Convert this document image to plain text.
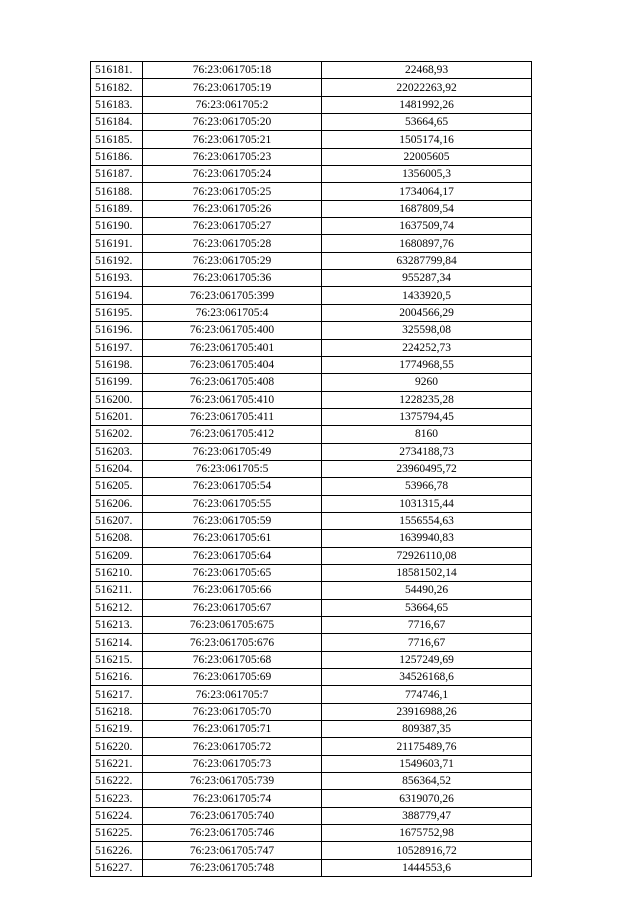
516181.	76:23:061705:18	22468,93
516182.	76:23:061705:19	22022263,92
516183.	76:23:061705:2	1481992,26
516184.	76:23:061705:20	53664,65
516185.	76:23:061705:21	1505174,16
516186.	76:23:061705:23	22005605
516187.	76:23:061705:24	1356005,3
516188.	76:23:061705:25	1734064,17
516189.	76:23:061705:26	1687809,54
516190.	76:23:061705:27	1637509,74
516191.	76:23:061705:28	1680897,76
516192.	76:23:061705:29	63287799,84
516193.	76:23:061705:36	955287,34
516194.	76:23:061705:399	1433920,5
516195.	76:23:061705:4	2004566,29
516196.	76:23:061705:400	325598,08
516197.	76:23:061705:401	224252,73
516198.	76:23:061705:404	1774968,55
516199.	76:23:061705:408	9260
516200.	76:23:061705:410	1228235,28
516201.	76:23:061705:411	1375794,45
516202.	76:23:061705:412	8160
516203.	76:23:061705:49	2734188,73
516204.	76:23:061705:5	23960495,72
516205.	76:23:061705:54	53966,78
516206.	76:23:061705:55	1031315,44
516207.	76:23:061705:59	1556554,63
516208.	76:23:061705:61	1639940,83
516209.	76:23:061705:64	72926110,08
516210.	76:23:061705:65	18581502,14
516211.	76:23:061705:66	54490,26
516212.	76:23:061705:67	53664,65
516213.	76:23:061705:675	7716,67
516214.	76:23:061705:676	7716,67
516215.	76:23:061705:68	1257249,69
516216.	76:23:061705:69	34526168,6
516217.	76:23:061705:7	774746,1
516218.	76:23:061705:70	23916988,26
516219.	76:23:061705:71	809387,35
516220.	76:23:061705:72	21175489,76
516221.	76:23:061705:73	1549603,71
516222.	76:23:061705:739	856364,52
516223.	76:23:061705:74	6319070,26
516224.	76:23:061705:740	388779,47
516225.	76:23:061705:746	1675752,98
516226.	76:23:061705:747	10528916,72
516227.	76:23:061705:748	1444553,6
